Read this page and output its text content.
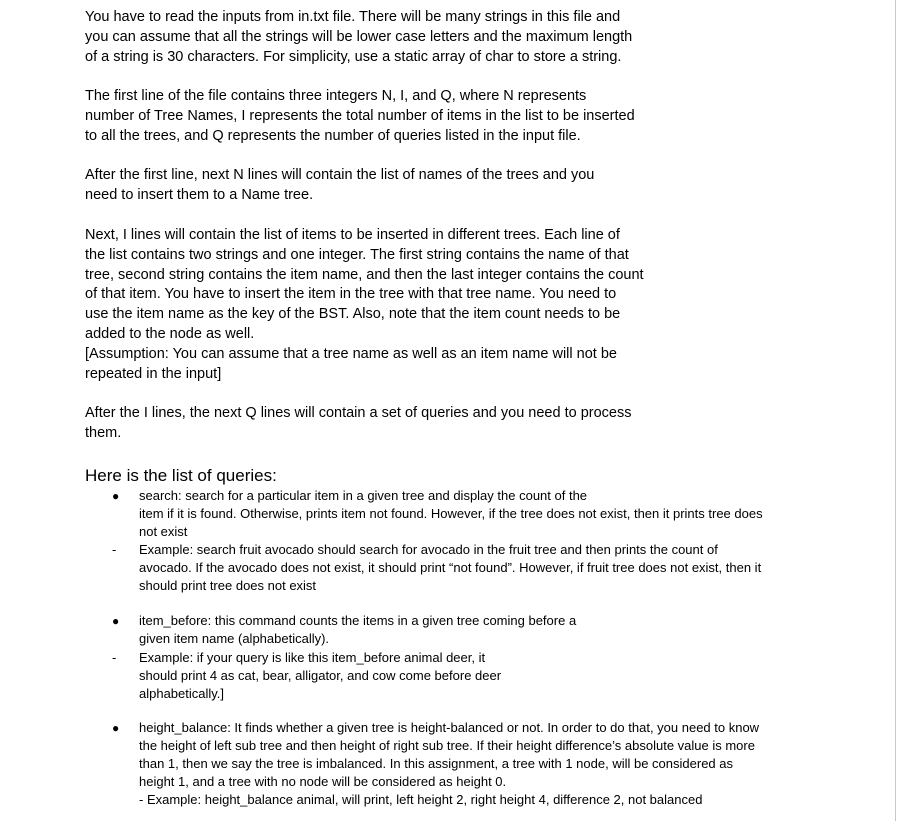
You have to read the inputs from in.txt file. There will be many strings in this file and
you can assume that all the strings will be lower case letters and the maximum length
of a string is 30 characters. For simplicity, use a static array of char to store a string.
The first line of the file contains three integers N, I, and Q, where N represents
number of Tree Names, I represents the total number of items in the list to be inserted
to all the trees, and Q represents the number of queries listed in the input file.
After the first line, next N lines will contain the list of names of the trees and you
need to insert them to a Name tree.
Next, I lines will contain the list of items to be inserted in different trees. Each line of
the list contains two strings and one integer. The first string contains the name of that
tree, second string contains the item name, and then the last integer contains the count
of that item. You have to insert the item in the tree with that tree name. You need to
use the item name as the key of the BST. Also, note that the item count needs to be
added to the node as well.
[Assumption: You can assume that a tree name as well as an item name will not be
repeated in the input]
After the I lines, the next Q lines will contain a set of queries and you need to process
them.
Here is the list of queries:
● search: search for a particular item in a given tree and display the count of the
item if it is found. Otherwise, prints item not found. However, if the tree does not exist, then it prints tree does
not exist
- Example: search fruit avocado should search for avocado in the fruit tree and then prints the count of
avocado. If the avocado does not exist, it should print “not found”. However, if fruit tree does not exist, then it
should print tree does not exist
● item_before: this command counts the items in a given tree coming before a
given item name (alphabetically).
- Example: if your query is like this item_before animal deer, it
should print 4 as cat, bear, alligator, and cow come before deer
alphabetically.]
● height_balance: It finds whether a given tree is height-balanced or not. In order to do that, you need to know
the height of left sub tree and then height of right sub tree. If their height difference’s absolute value is more
than 1, then we say the tree is imbalanced. In this assignment, a tree with 1 node, will be considered as
height 1, and a tree with no node will be considered as height 0.
- Example: height_balance animal, will print, left height 2, right height 4, difference 2, not balanced
